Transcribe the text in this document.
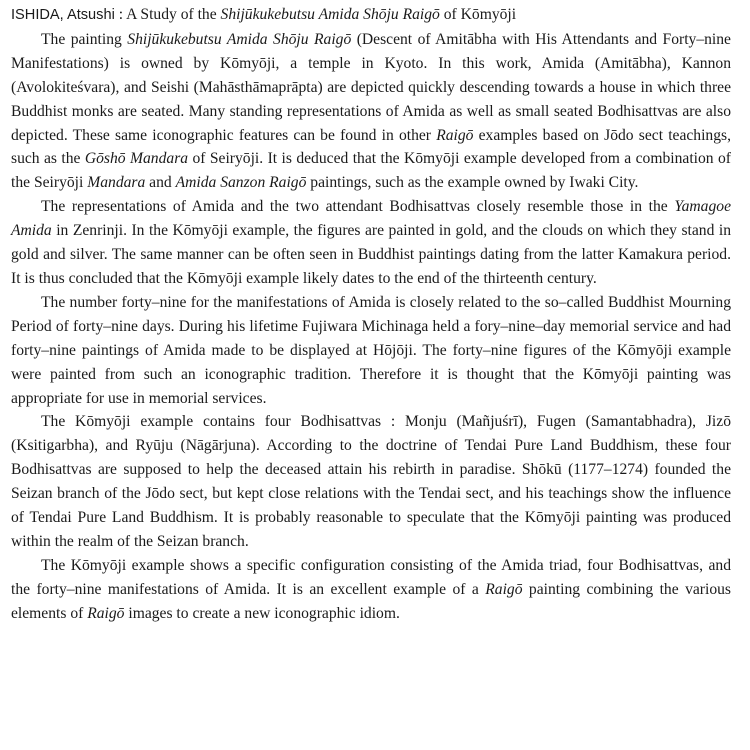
ISHIDA, Atsushi : A Study of the Shijūkukebutsu Amida Shōju Raigō of Kōmyōji

The painting Shijūkukebutsu Amida Shōju Raigō (Descent of Amitābha with His Attendants and Forty–nine Manifestations) is owned by Kōmyōji, a temple in Kyoto. In this work, Amida (Amitābha), Kannon (Avolokiteśvara), and Seishi (Mahāsthāmaprāpta) are depicted quickly descending towards a house in which three Buddhist monks are seated. Many standing representations of Amida as well as small seated Bodhisattvas are also depicted. These same iconographic features can be found in other Raigō examples based on Jōdo sect teachings, such as the Gōshō Mandara of Seiryōji. It is deduced that the Kōmyōji example developed from a combination of the Seiryōji Mandara and Amida Sanzon Raigō paintings, such as the example owned by Iwaki City.

The representations of Amida and the two attendant Bodhisattvas closely resemble those in the Yamagoe Amida in Zenrinji. In the Kōmyōji example, the figures are painted in gold, and the clouds on which they stand in gold and silver. The same manner can be often seen in Buddhist paintings dating from the latter Kamakura period. It is thus concluded that the Kōmyōji example likely dates to the end of the thirteenth century.

The number forty–nine for the manifestations of Amida is closely related to the so–called Buddhist Mourning Period of forty–nine days. During his lifetime Fujiwara Michinaga held a fory–nine–day memorial service and had forty–nine paintings of Amida made to be displayed at Hōjōji. The forty–nine figures of the Kōmyōji example were painted from such an iconographic tradition. Therefore it is thought that the Kōmyōji painting was appropriate for use in memorial services.

The Kōmyōji example contains four Bodhisattvas : Monju (Mañjuśrī), Fugen (Samantabhadra), Jizō (Ksitigarbha), and Ryūju (Nāgārjuna). According to the doctrine of Tendai Pure Land Buddhism, these four Bodhisattvas are supposed to help the deceased attain his rebirth in paradise. Shōkū (1177–1274) founded the Seizan branch of the Jōdo sect, but kept close relations with the Tendai sect, and his teachings show the influence of Tendai Pure Land Buddhism. It is probably reasonable to speculate that the Kōmyōji painting was produced within the realm of the Seizan branch.

The Kōmyōji example shows a specific configuration consisting of the Amida triad, four Bodhisattvas, and the forty–nine manifestations of Amida. It is an excellent example of a Raigō painting combining the various elements of Raigō images to create a new iconographic idiom.
